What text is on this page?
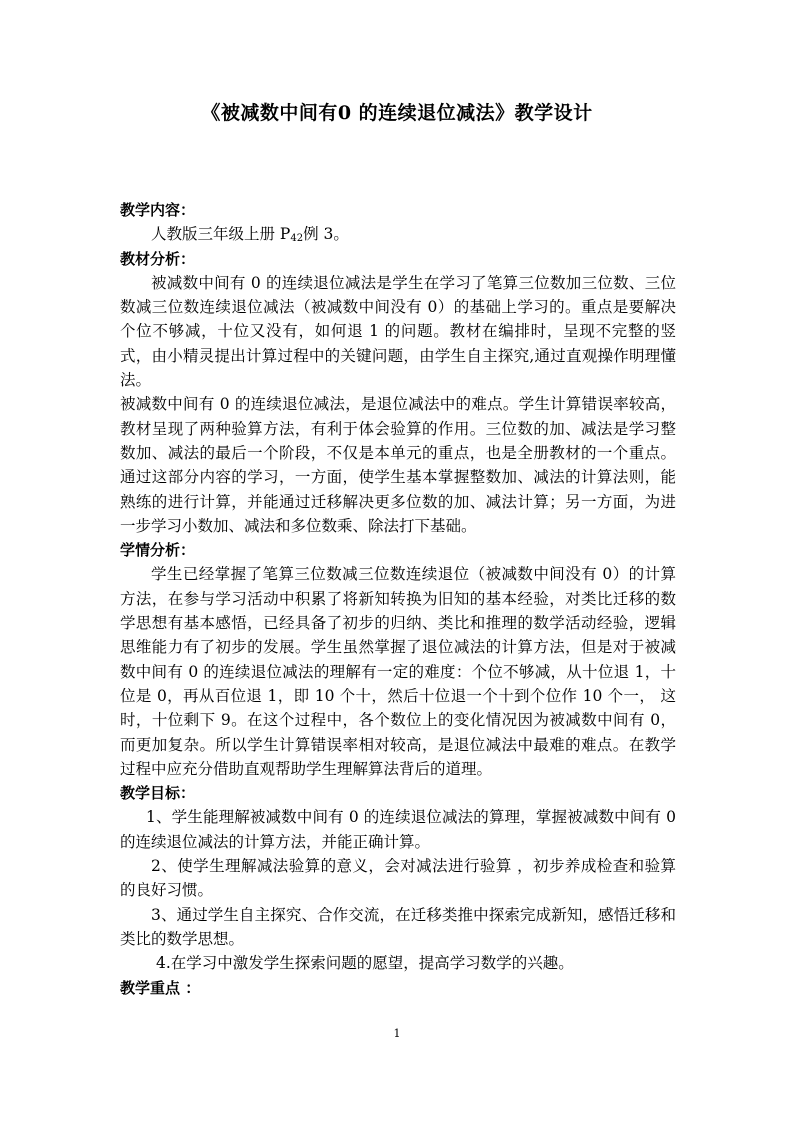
《被减数中间有0 的连续退位减法》教学设计

教学内容：

人教版三年级上册 $P_{42}$例 3。

教材分析：

被减数中间有 0 的连续退位减法是学生在学习了笔算三位数加三位数、三位数减三位数连续退位减法（被减数中间没有 0）的基础上学习的。重点是要解决个位不够减，十位又没有，如何退 1 的问题。教材在编排时，呈现不完整的竖式，由小精灵提出计算过程中的关键问题，由学生自主探究,通过直观操作明理懂法。

被减数中间有 0 的连续退位减法，是退位减法中的难点。学生计算错误率较高，教材呈现了两种验算方法，有利于体会验算的作用。三位数的加、减法是学习整数加、减法的最后一个阶段，不仅是本单元的重点，也是全册教材的一个重点。通过这部分内容的学习，一方面，使学生基本掌握整数加、减法的计算法则，能熟练的进行计算，并能通过迁移解决更多位数的加、减法计算；另一方面，为进一步学习小数加、减法和多位数乘、除法打下基础。

学情分析：

学生已经掌握了笔算三位数减三位数连续退位（被减数中间没有 0）的计算方法，在参与学习活动中积累了将新知转换为旧知的基本经验，对类比迁移的数学思想有基本感悟，已经具备了初步的归纳、类比和推理的数学活动经验，逻辑思维能力有了初步的发展。学生虽然掌握了退位减法的计算方法，但是对于被减数中间有 0 的连续退位减法的理解有一定的难度：个位不够减，从十位退 1，十位是 0，再从百位退 1，即 10 个十，然后十位退一个十到个位作 10 个一， 这时，十位剩下 9。在这个过程中，各个数位上的变化情况因为被减数中间有 0，而更加复杂。所以学生计算错误率相对较高，是退位减法中最难的难点。在教学过程中应充分借助直观帮助学生理解算法背后的道理。

教学目标：

1、学生能理解被减数中间有 0 的连续退位减法的算理，掌握被减数中间有 0 的连续退位减法的计算方法，并能正确计算。

2、使学生理解减法验算的意义，会对减法进行验算 ，初步养成检查和验算的良好习惯。

3、通过学生自主探究、合作交流，在迁移类推中探索完成新知，感悟迁移和类比的数学思想。

4.在学习中激发学生探索问题的愿望，提高学习数学的兴趣。

教学重点 ：

1
